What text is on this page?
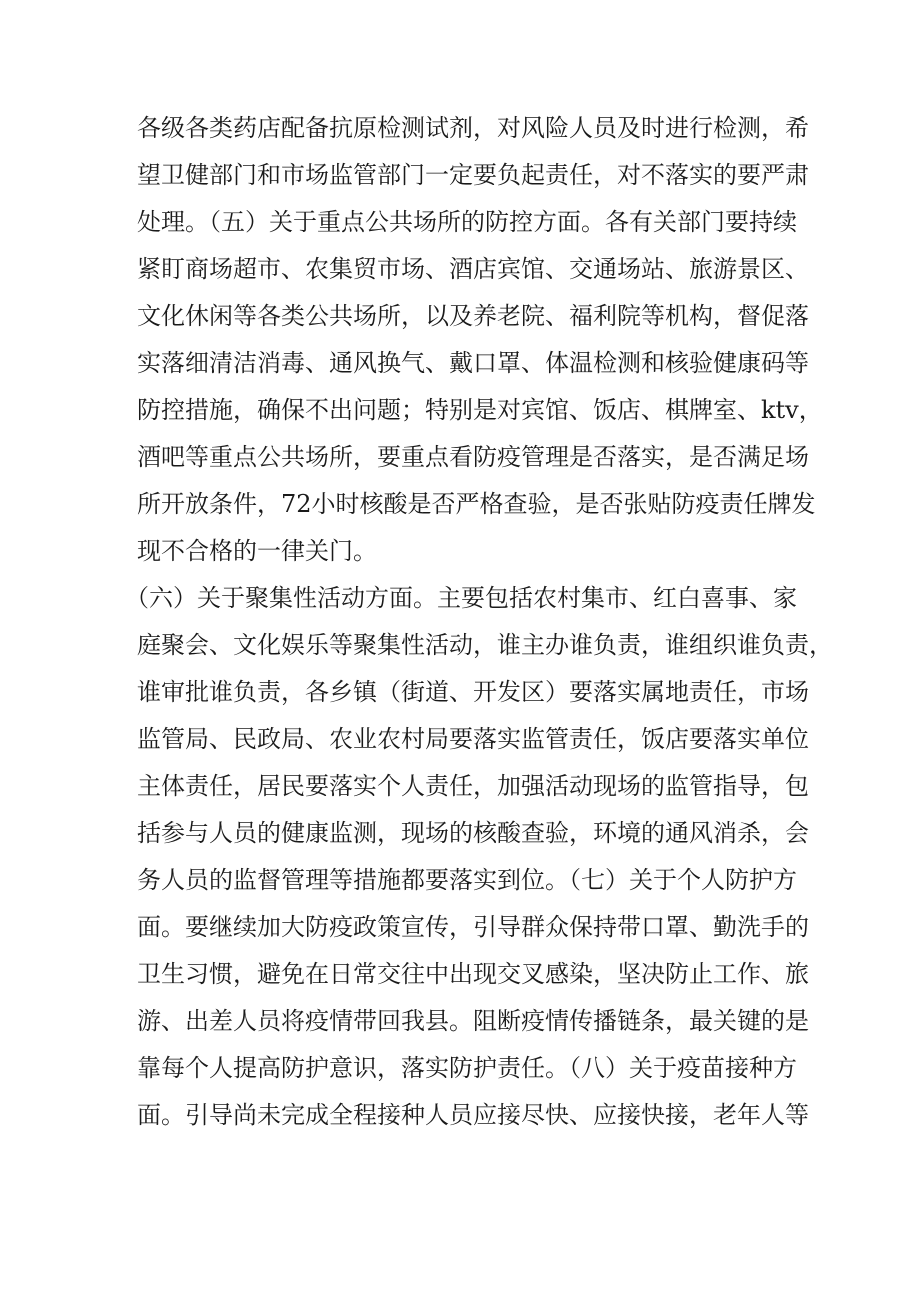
各级各类药店配备抗原检测试剂，对风险人员及时进行检测，希
望卫健部门和市场监管部门一定要负起责任，对不落实的要严肃
处理。（五）关于重点公共场所的防控方面。各有关部门要持续
紧盯商场超市、农集贸市场、酒店宾馆、交通场站、旅游景区、
文化休闲等各类公共场所，以及养老院、福利院等机构，督促落
实落细清洁消毒、通风换气、戴口罩、体温检测和核验健康码等
防控措施，确保不出问题；特别是对宾馆、饭店、棋牌室、ktv，
酒吧等重点公共场所，要重点看防疫管理是否落实，是否满足场
所开放条件，72小时核酸是否严格查验，是否张贴防疫责任牌发
现不合格的一律关门。
（六）关于聚集性活动方面。主要包括农村集市、红白喜事、家
庭聚会、文化娱乐等聚集性活动，谁主办谁负责，谁组织谁负责，
谁审批谁负责，各乡镇（街道、开发区）要落实属地责任，市场
监管局、民政局、农业农村局要落实监管责任，饭店要落实单位
主体责任，居民要落实个人责任，加强活动现场的监管指导，包
括参与人员的健康监测，现场的核酸查验，环境的通风消杀，会
务人员的监督管理等措施都要落实到位。（七）关于个人防护方
面。要继续加大防疫政策宣传，引导群众保持带口罩、勤洗手的
卫生习惯，避免在日常交往中出现交叉感染，坚决防止工作、旅
游、出差人员将疫情带回我县。阻断疫情传播链条，最关键的是
靠每个人提高防护意识，落实防护责任。（八）关于疫苗接种方
面。引导尚未完成全程接种人员应接尽快、应接快接，老年人等
